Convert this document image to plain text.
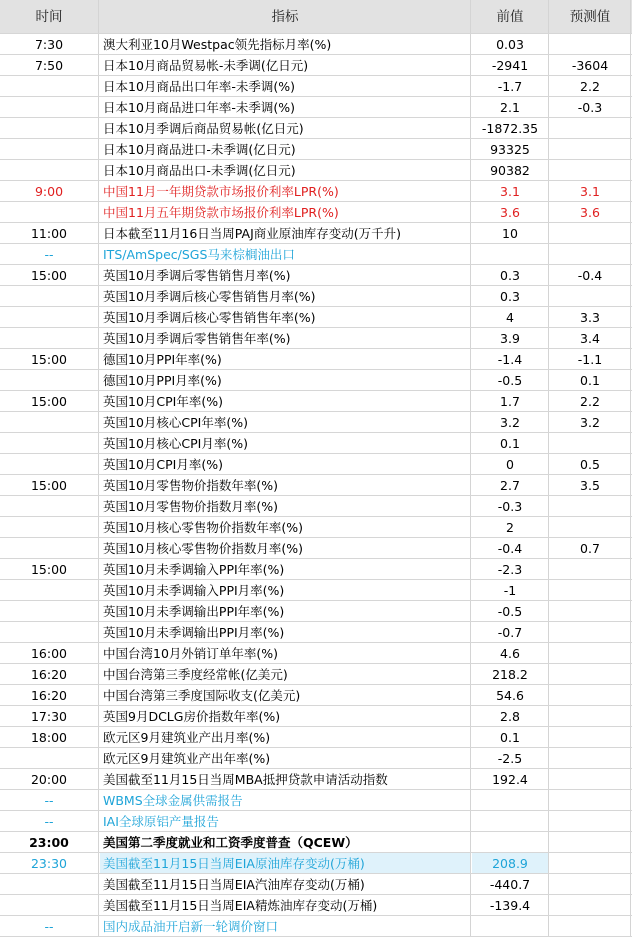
时间	指标	前值	预测值
7:30	澳大利亚10月Westpac领先指标月率(%)	0.03
7:50	日本10月商品贸易帐-未季调(亿日元)	-2941	-3604
日本10月商品出口年率-未季调(%)	-1.7	2.2
日本10月商品进口年率-未季调(%)	2.1	-0.3
日本10月季调后商品贸易帐(亿日元)	-1872.35
日本10月商品进口-未季调(亿日元)	93325
日本10月商品出口-未季调(亿日元)	90382
9:00	中国11月一年期贷款市场报价利率LPR(%)	3.1	3.1
中国11月五年期贷款市场报价利率LPR(%)	3.6	3.6
11:00	日本截至11月16日当周PAJ商业原油库存变动(万千升)	10
--	ITS/AmSpec/SGS马来棕榈油出口
15:00	英国10月季调后零售销售月率(%)	0.3	-0.4
英国10月季调后核心零售销售月率(%)	0.3
英国10月季调后核心零售销售年率(%)	4	3.3
英国10月季调后零售销售年率(%)	3.9	3.4
15:00	德国10月PPI年率(%)	-1.4	-1.1
德国10月PPI月率(%)	-0.5	0.1
15:00	英国10月CPI年率(%)	1.7	2.2
英国10月核心CPI年率(%)	3.2	3.2
英国10月核心CPI月率(%)	0.1
英国10月CPI月率(%)	0	0.5
15:00	英国10月零售物价指数年率(%)	2.7	3.5
英国10月零售物价指数月率(%)	-0.3
英国10月核心零售物价指数年率(%)	2
英国10月核心零售物价指数月率(%)	-0.4	0.7
15:00	英国10月未季调输入PPI年率(%)	-2.3
英国10月未季调输入PPI月率(%)	-1
英国10月未季调输出PPI年率(%)	-0.5
英国10月未季调输出PPI月率(%)	-0.7
16:00	中国台湾10月外销订单年率(%)	4.6
16:20	中国台湾第三季度经常帐(亿美元)	218.2
16:20	中国台湾第三季度国际收支(亿美元)	54.6
17:30	英国9月DCLG房价指数年率(%)	2.8
18:00	欧元区9月建筑业产出月率(%)	0.1
欧元区9月建筑业产出年率(%)	-2.5
20:00	美国截至11月15日当周MBA抵押贷款申请活动指数	192.4
--	WBMS全球金属供需报告
--	IAI全球原铝产量报告
23:00	美国第二季度就业和工资季度普查（QCEW）
23:30	美国截至11月15日当周EIA原油库存变动(万桶)	208.9
美国截至11月15日当周EIA汽油库存变动(万桶)	-440.7
美国截至11月15日当周EIA精炼油库存变动(万桶)	-139.4
--	国内成品油开启新一轮调价窗口
